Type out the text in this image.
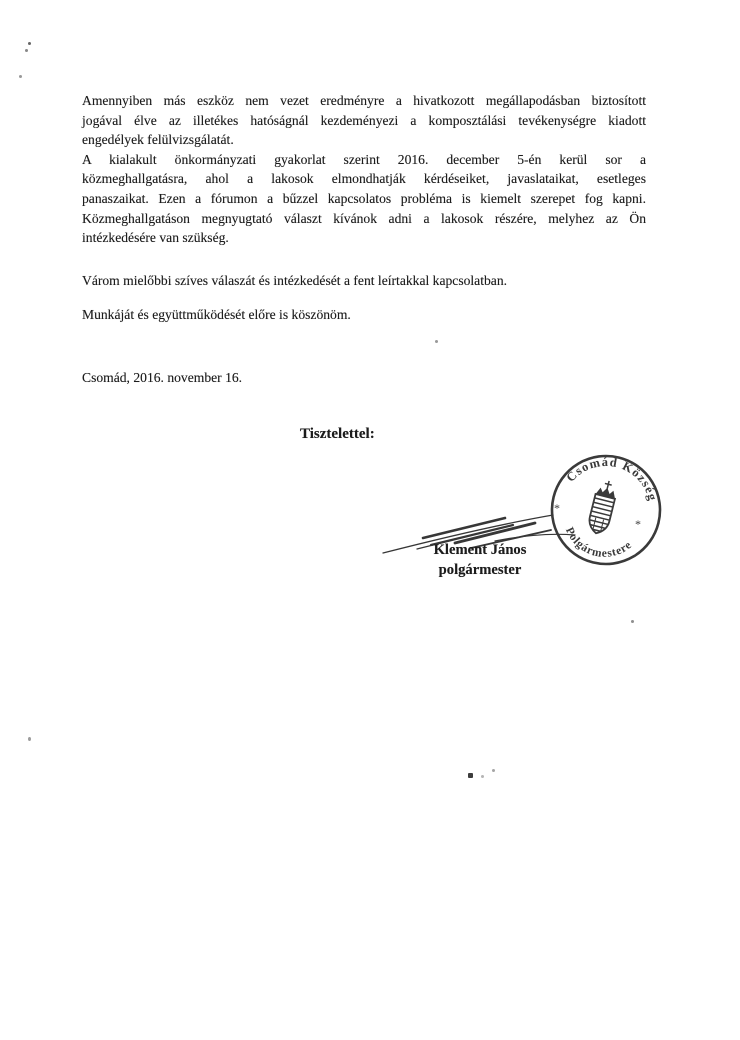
Amennyiben más eszköz nem vezet eredményre a hivatkozott megállapodásban biztosított
jogával élve az illetékes hatóságnál kezdeményezi a komposztálási tevékenységre kiadott
engedélyek felülvizsgálatát.
A kialakult önkormányzati gyakorlat szerint 2016. december 5-én kerül sor a
közmeghallgatásra, ahol a lakosok elmondhatják kérdéseiket, javaslataikat, esetleges
panaszaikat. Ezen a fórumon a bűzzel kapcsolatos probléma is kiemelt szerepet fog kapni.
Közmeghallgatáson megnyugtató választ kívánok adni a lakosok részére, melyhez az Ön
intézkedésére van szükség.
Várom mielőbbi szíves válaszát és intézkedését a fent leírtakkal kapcsolatban.
Munkáját és együttműködését előre is köszönöm.
Csomád, 2016. november 16.
Tisztelettel:
Csomád Község
Polgármestere
*
*
Klement János
polgármester
